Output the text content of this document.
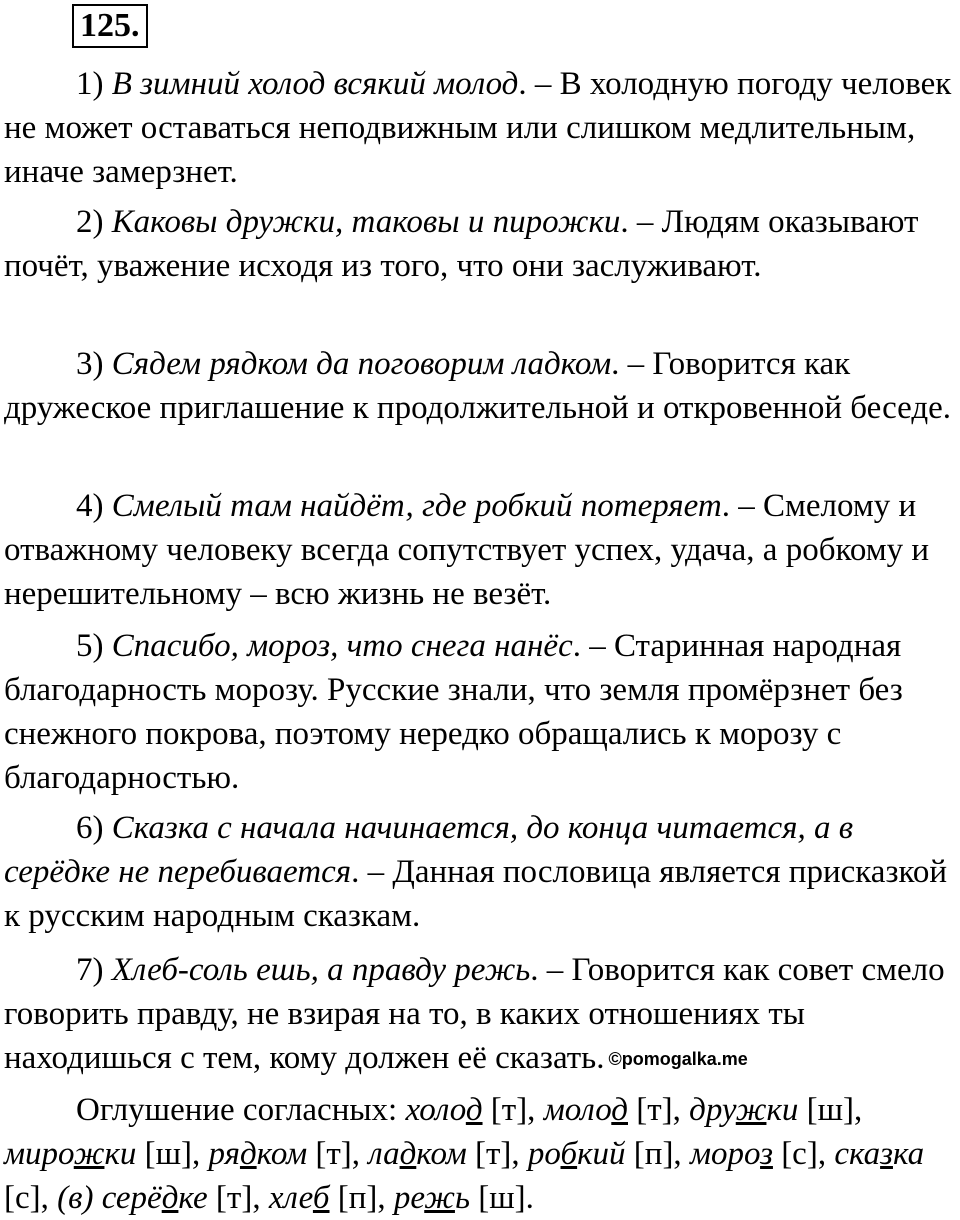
125.

1) В зимний холод всякий молод. – В холодную погоду человек не может оставаться неподвижным или слишком медлительным, иначе замерзнет.

2) Каковы дружки, таковы и пирожки. – Людям оказывают почёт, уважение исходя из того, что они заслуживают.

3) Сядем рядком да поговорим ладком. – Говорится как дружеское приглашение к продолжительной и откровенной беседе.

4) Смелый там найдёт, где робкий потеряет. – Смелому и отважному человеку всегда сопутствует успех, удача, а робкому и нерешительному – всю жизнь не везёт.

5) Спасибо, мороз, что снега нанёс. – Старинная народная благодарность морозу. Русские знали, что земля промёрзнет без снежного покрова, поэтому нередко обращались к морозу с благодарностью.

6) Сказка с начала начинается, до конца читается, а в серёдке не перебивается. – Данная пословица является присказкой к русским народным сказкам.

7) Хлеб-соль ешь, а правду режь. – Говорится как совет смело говорить правду, не взирая на то, в каких отношениях ты находишься с тем, кому должен её сказать. ©pomogalka.me

Оглушение согласных: холод [т], молод [т], дружки [ш], мирожки [ш], рядком [т], ладком [т], робкий [п], мороз [с], сказка [с], (в) серёдке [т], хлеб [п], режь [ш].
